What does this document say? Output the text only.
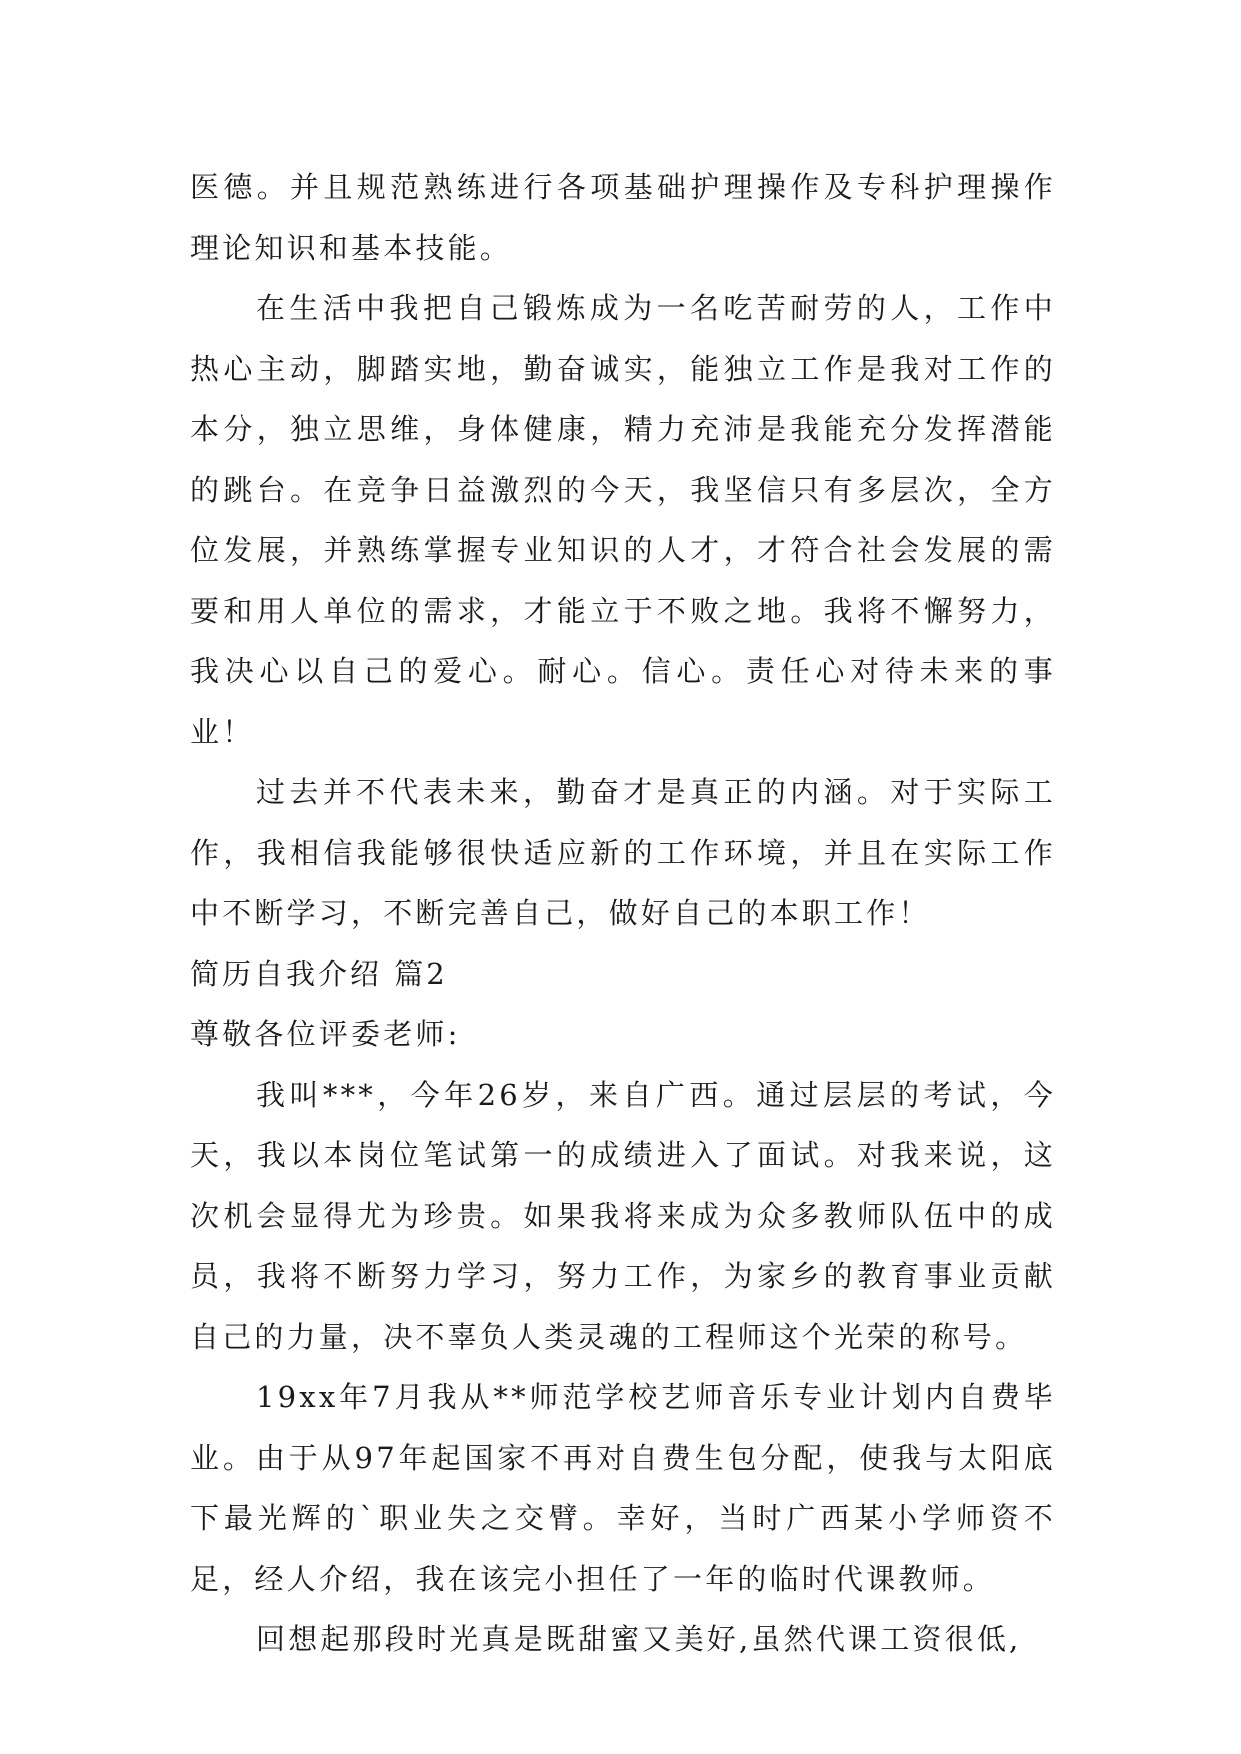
医德。并且规范熟练进行各项基础护理操作及专科护理操作理论知识和基本技能。

在生活中我把自己锻炼成为一名吃苦耐劳的人，工作中热心主动，脚踏实地，勤奋诚实，能独立工作是我对工作的本分，独立思维，身体健康，精力充沛是我能充分发挥潜能的跳台。在竞争日益激烈的今天，我坚信只有多层次，全方位发展，并熟练掌握专业知识的人才，才符合社会发展的需要和用人单位的需求，才能立于不败之地。我将不懈努力，我决心以自己的爱心。耐心。信心。责任心对待未来的事业！

过去并不代表未来，勤奋才是真正的内涵。对于实际工作，我相信我能够很快适应新的工作环境，并且在实际工作中不断学习，不断完善自己，做好自己的本职工作！

简历自我介绍 篇2

尊敬各位评委老师:

我叫***，今年26岁，来自广西。通过层层的考试，今天，我以本岗位笔试第一的成绩进入了面试。对我来说，这次机会显得尤为珍贵。如果我将来成为众多教师队伍中的成员，我将不断努力学习，努力工作，为家乡的教育事业贡献自己的力量，决不辜负人类灵魂的工程师这个光荣的称号。

19xx年7月我从**师范学校艺师音乐专业计划内自费毕业。由于从97年起国家不再对自费生包分配，使我与太阳底下最光辉的`职业失之交臂。幸好，当时广西某小学师资不足，经人介绍，我在该完小担任了一年的临时代课教师。

回想起那段时光真是既甜蜜又美好,虽然代课工资很低,
